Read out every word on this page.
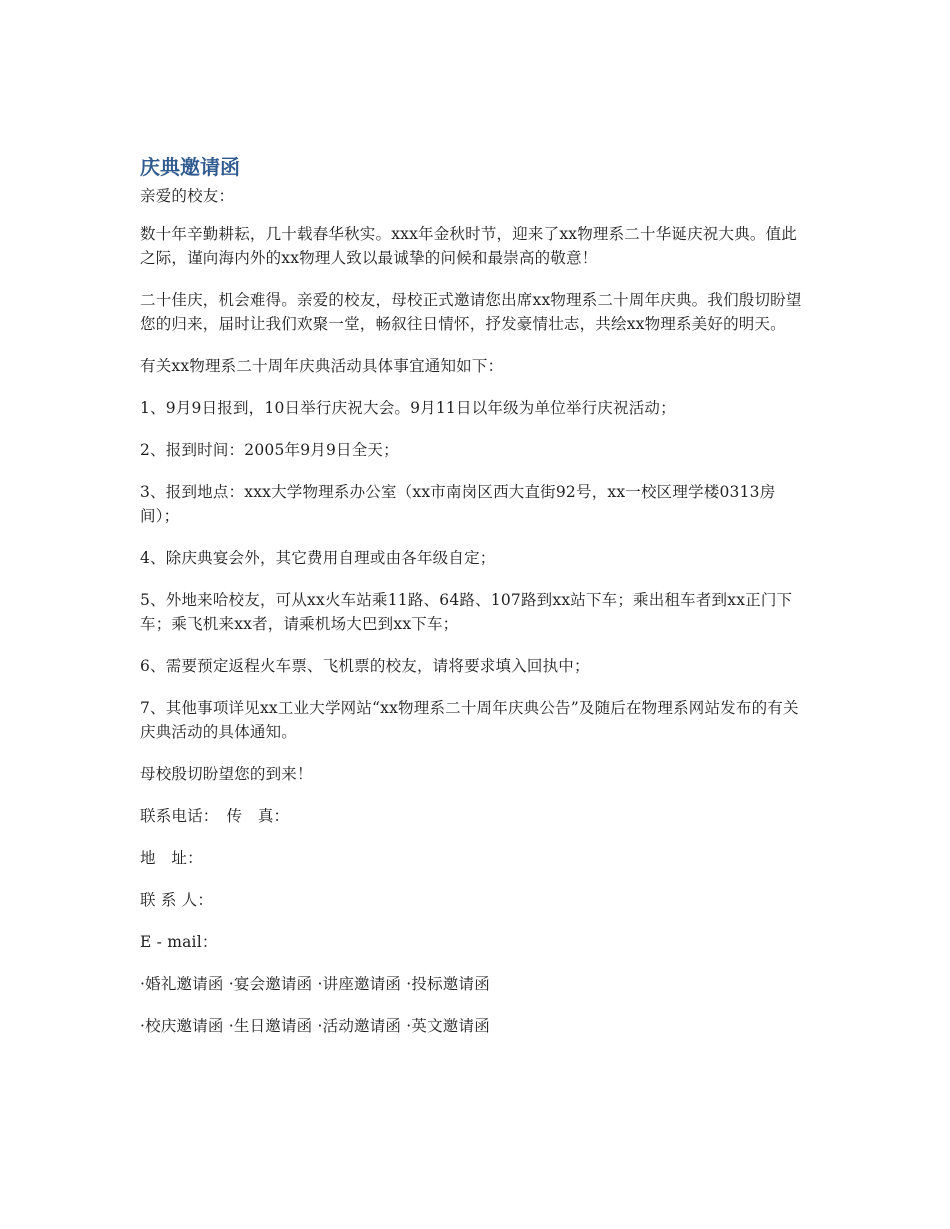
庆典邀请函
亲爱的校友：
数十年辛勤耕耘，几十载春华秋实。xxx年金秋时节，迎来了xx物理系二十华诞庆祝大典。值此之际，谨向海内外的xx物理人致以最诚挚的问候和最崇高的敬意！
二十佳庆，机会难得。亲爱的校友，母校正式邀请您出席xx物理系二十周年庆典。我们殷切盼望您的归来，届时让我们欢聚一堂，畅叙往日情怀，抒发豪情壮志，共绘xx物理系美好的明天。
有关xx物理系二十周年庆典活动具体事宜通知如下：
1、9月9日报到，10日举行庆祝大会。9月11日以年级为单位举行庆祝活动；
2、报到时间：2005年9月9日全天；
3、报到地点：xxx大学物理系办公室（xx市南岗区西大直街92号，xx一校区理学楼0313房间）；
4、除庆典宴会外，其它费用自理或由各年级自定；
5、外地来哈校友，可从xx火车站乘11路、64路、107路到xx站下车；乘出租车者到xx正门下车；乘飞机来xx者，请乘机场大巴到xx下车；
6、需要预定返程火车票、飞机票的校友，请将要求填入回执中；
7、其他事项详见xx工业大学网站“xx物理系二十周年庆典公告”及随后在物理系网站发布的有关庆典活动的具体通知。
母校殷切盼望您的到来！
联系电话：　传　真：
地　址：
联 系 人：
E - mail：
·婚礼邀请函 ·宴会邀请函 ·讲座邀请函 ·投标邀请函
·校庆邀请函 ·生日邀请函 ·活动邀请函 ·英文邀请函
